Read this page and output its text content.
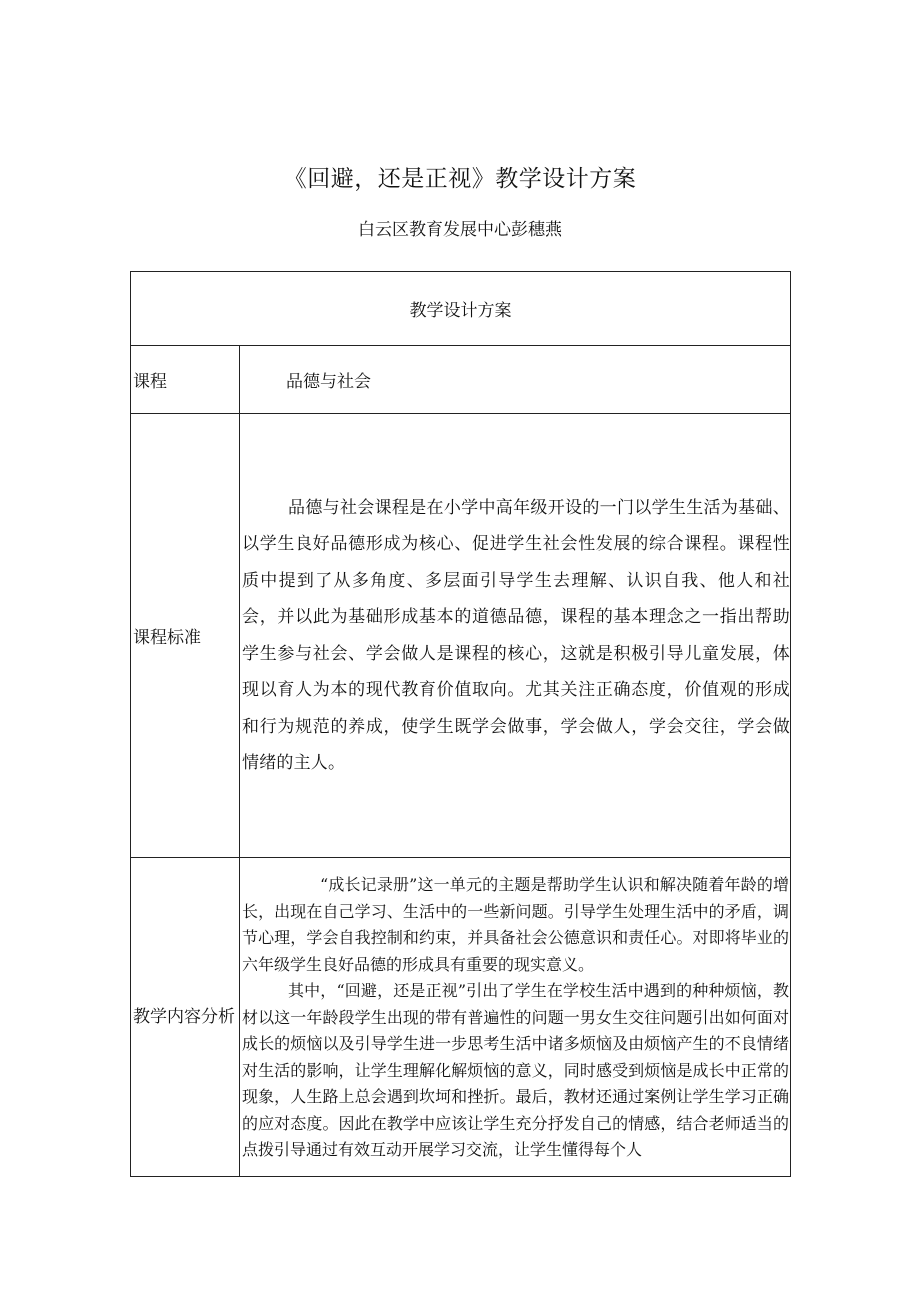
《回避，还是正视》教学设计方案
白云区教育发展中心彭穗燕
教学设计方案	
课程	品德与社会
课程标准	品德与社会课程是在小学中高年级开设的一门以学生生活为基础、以学生良好品德形成为核心、促进学生社会性发展的综合课程。课程性质中提到了从多角度、多层面引导学生去理解、认识自我、他人和社会，并以此为基础形成基本的道德品德，课程的基本理念之一指出帮助学生参与社会、学会做人是课程的核心，这就是积极引导儿童发展，体现以育人为本的现代教育价值取向。尤其关注正确态度，价值观的形成和行为规范的养成，使学生既学会做事，学会做人，学会交往，学会做情绪的主人。

教学内容分析	“成长记录册”这一单元的主题是帮助学生认识和解决随着年龄的增长，出现在自己学习、生活中的一些新问题。引导学生处理生活中的矛盾，调节心理，学会自我控制和约束，并具备社会公德意识和责任心。对即将毕业的六年级学生良好品德的形成具有重要的现实意义。

其中，“回避，还是正视”引出了学生在学校生活中遇到的种种烦恼，教材以这一年龄段学生出现的带有普遍性的问题一男女生交往问题引出如何面对成长的烦恼以及引导学生进一步思考生活中诸多烦恼及由烦恼产生的不良情绪对生活的影响，让学生理解化解烦恼的意义，同时感受到烦恼是成长中正常的现象，人生路上总会遇到坎坷和挫折。最后，教材还通过案例让学生学习正确的应对态度。因此在教学中应该让学生充分抒发自己的情感，结合老师适当的点拨引导通过有效互动开展学习交流，让学生懂得每个人
